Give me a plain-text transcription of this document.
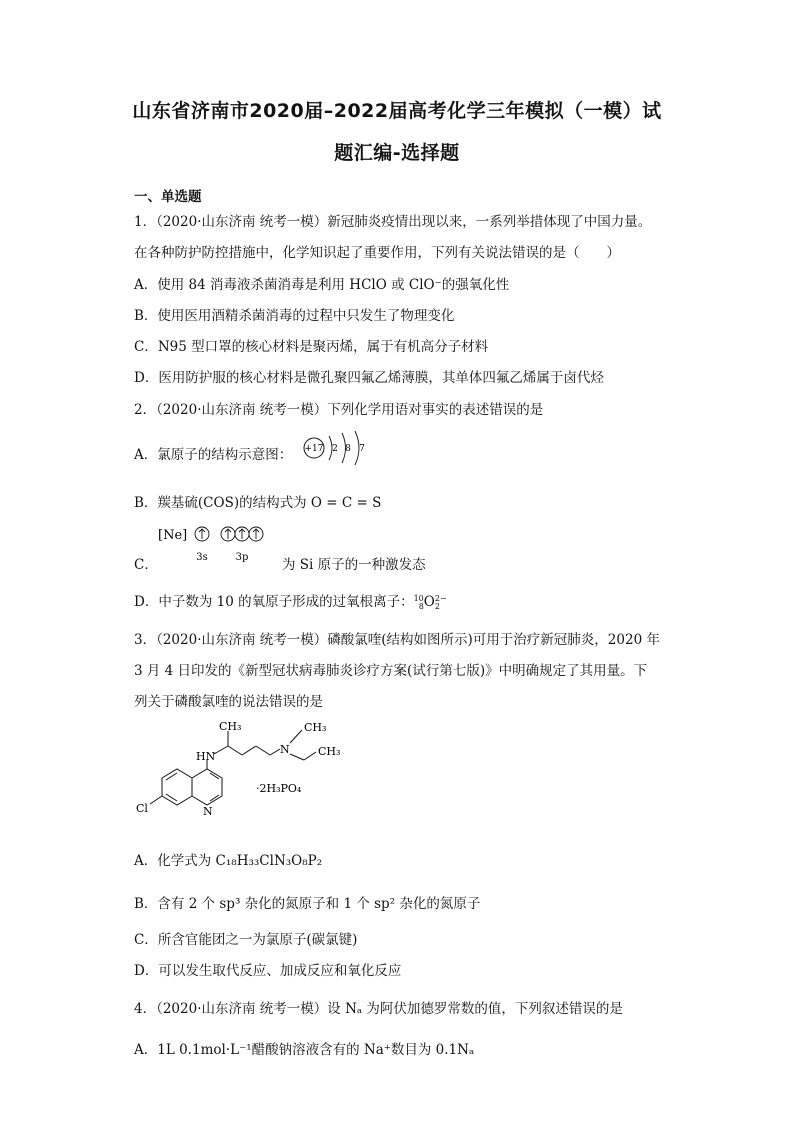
山东省济南市2020届–2022届高考化学三年模拟（一模）试
题汇编-选择题
一、单选题
1．（2020·山东济南 统考一模）新冠肺炎疫情出现以来，一系列举措体现了中国力量。
在各种防护防控措施中，化学知识起了重要作用，下列有关说法错误的是（　　）
A．使用 84 消毒液杀菌消毒是利用 HClO 或 ClO⁻的强氧化性
B．使用医用酒精杀菌消毒的过程中只发生了物理变化
C．N95 型口罩的核心材料是聚丙烯，属于有机高分子材料
D．医用防护服的核心材料是微孔聚四氟乙烯薄膜，其单体四氟乙烯属于卤代烃
2．（2020·山东济南 统考一模）下列化学用语对事实的表述错误的是
A．氯原子的结构示意图： +17 2 8 7
B．羰基硫(COS)的结构式为 O = C = S
C．
[Ne]
3s	3p 为 Si 原子的一种激发态
D．中子数为 10 的氧原子形成的过氧根离子：10
8O2−
2
3．（2020·山东济南 统考一模）磷酸氯喹(结构如图所示)可用于治疗新冠肺炎，2020 年
3 月 4 日印发的《新型冠状病毒肺炎诊疗方案(试行第七版)》中明确规定了其用量。下
列关于磷酸氯喹的说法错误的是
CH₃	CH₃
CH₃
HN
N
N
Cl
·2H₃PO₄
A．化学式为 C₁₈H₃₃ClN₃O₈P₂
B．含有 2 个 sp³ 杂化的氮原子和 1 个 sp² 杂化的氮原子
C．所含官能团之一为氯原子(碳氯键)
D．可以发生取代反应、加成反应和氧化反应
4．（2020·山东济南 统考一模）设 Nₐ 为阿伏加德罗常数的值，下列叙述错误的是
A．1L 0.1mol·L⁻¹醋酸钠溶液含有的 Na⁺数目为 0.1Nₐ
